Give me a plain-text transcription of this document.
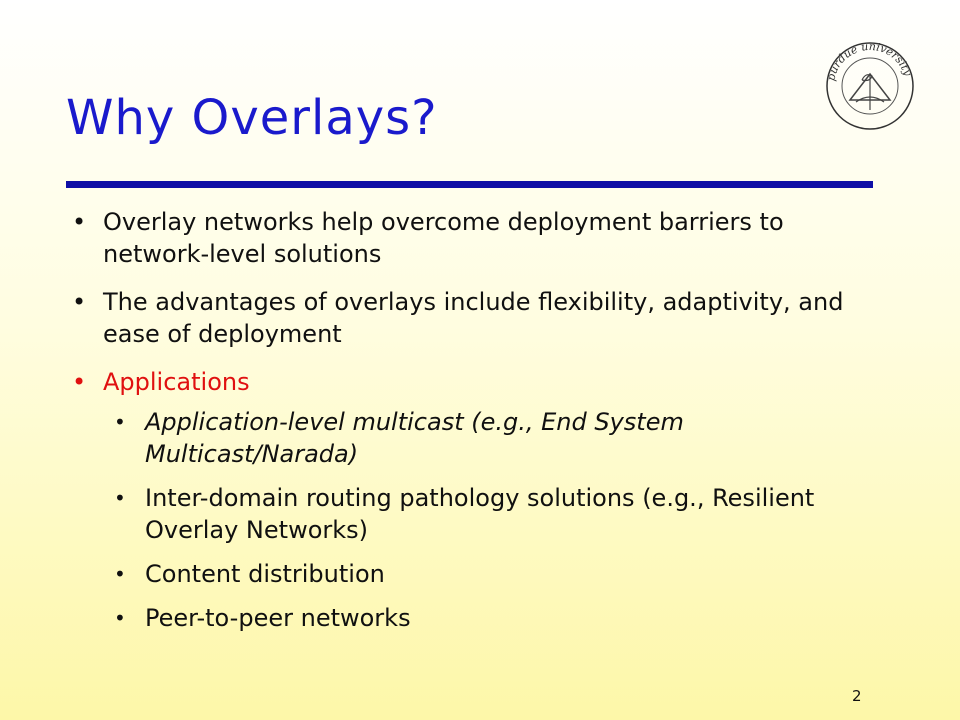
Why Overlays?
purdue university
• Overlay networks help overcome deployment barriers to network-level solutions
• The advantages of overlays include flexibility, adaptivity, and ease of deployment
• Applications
• Application-level multicast (e.g., End System Multicast/Narada)
• Inter-domain routing pathology solutions (e.g., Resilient Overlay Networks)
• Content distribution
• Peer-to-peer networks
2
